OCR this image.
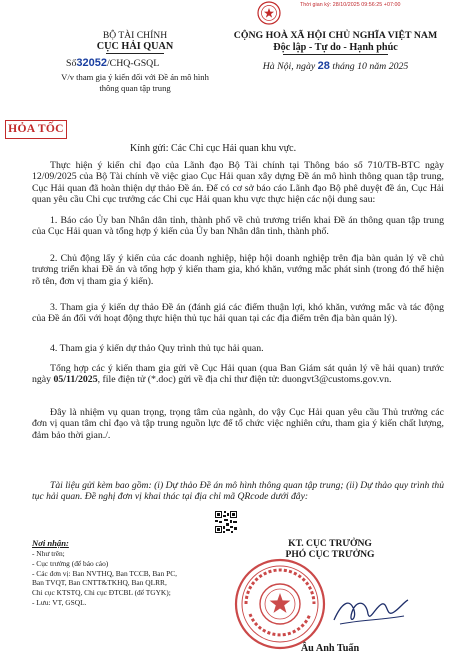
Thời gian ký: 28/10/2025 09:56:25 +07:00
BỘ TÀI CHÍNH
CỤC HẢI QUAN
Số32052/CHQ-GSQL
V/v tham gia ý kiến đối với Đề án mô hình thông quan tập trung
CỘNG HOÀ XÃ HỘI CHỦ NGHĨA VIỆT NAM
Độc lập - Tự do - Hạnh phúc
Hà Nội, ngày 28 tháng 10 năm 2025
HỎA TỐC
Kính gửi: Các Chi cục Hải quan khu vực.
Thực hiện ý kiến chỉ đạo của Lãnh đạo Bộ Tài chính tại Thông báo số 710/TB-BTC ngày 12/09/2025 của Bộ Tài chính về việc giao Cục Hải quan xây dựng Đề án mô hình thông quan tập trung, Cục Hải quan đã hoàn thiện dự thảo Đề án. Để có cơ sở báo cáo Lãnh đạo Bộ phê duyệt đề án, Cục Hải quan yêu cầu Chi cục trưởng các Chi cục Hải quan khu vực thực hiện các nội dung sau:
1. Báo cáo Ủy ban Nhân dân tỉnh, thành phố về chủ trương triển khai Đề án thông quan tập trung của Cục Hải quan và tổng hợp ý kiến của Ủy ban Nhân dân tỉnh, thành phố.
2. Chủ động lấy ý kiến của các doanh nghiệp, hiệp hội doanh nghiệp trên địa bàn quản lý về chủ trương triển khai Đề án và tổng hợp ý kiến tham gia, khó khăn, vướng mắc phát sinh (trong đó thể hiện rõ tên, đơn vị tham gia ý kiến).
3. Tham gia ý kiến dự thảo Đề án (đánh giá các điểm thuận lợi, khó khăn, vướng mắc và tác động của Đề án đối với hoạt động thực hiện thủ tục hải quan tại các địa điểm trên địa bàn quản lý).
4. Tham gia ý kiến dự thảo Quy trình thủ tục hải quan.
Tổng hợp các ý kiến tham gia gửi về Cục Hải quan (qua Ban Giám sát quản lý về hải quan) trước ngày 05/11/2025, file điện tử (*.doc) gửi về địa chỉ thư điện tử: duongvt3@customs.gov.vn.
Đây là nhiệm vụ quan trọng, trọng tâm của ngành, do vậy Cục Hải quan yêu cầu Thủ trưởng các đơn vị quan tâm chỉ đạo và tập trung nguồn lực để tổ chức việc nghiên cứu, tham gia ý kiến chất lượng, đảm bảo thời gian./.
Tài liệu gửi kèm bao gồm: (i) Dự thảo Đề án mô hình thông quan tập trung; (ii) Dự thảo quy trình thủ tục hải quan. Đề nghị đơn vị khai thác tại địa chỉ mã QRcode dưới đây:
Nơi nhận:
- Như trên;
- Cục trưởng (để báo cáo)
- Các đơn vị: Ban NVTHQ, Ban TCCB, Ban PC,
Ban TVQT, Ban CNTT&TKHQ, Ban QLRR,
Chi cục KTSTQ, Chi cục ĐTCBL (để TGYK);
- Lưu: VT, GSQL.
KT. CỤC TRƯỞNG
PHÓ CỤC TRƯỞNG
Âu Anh Tuấn
